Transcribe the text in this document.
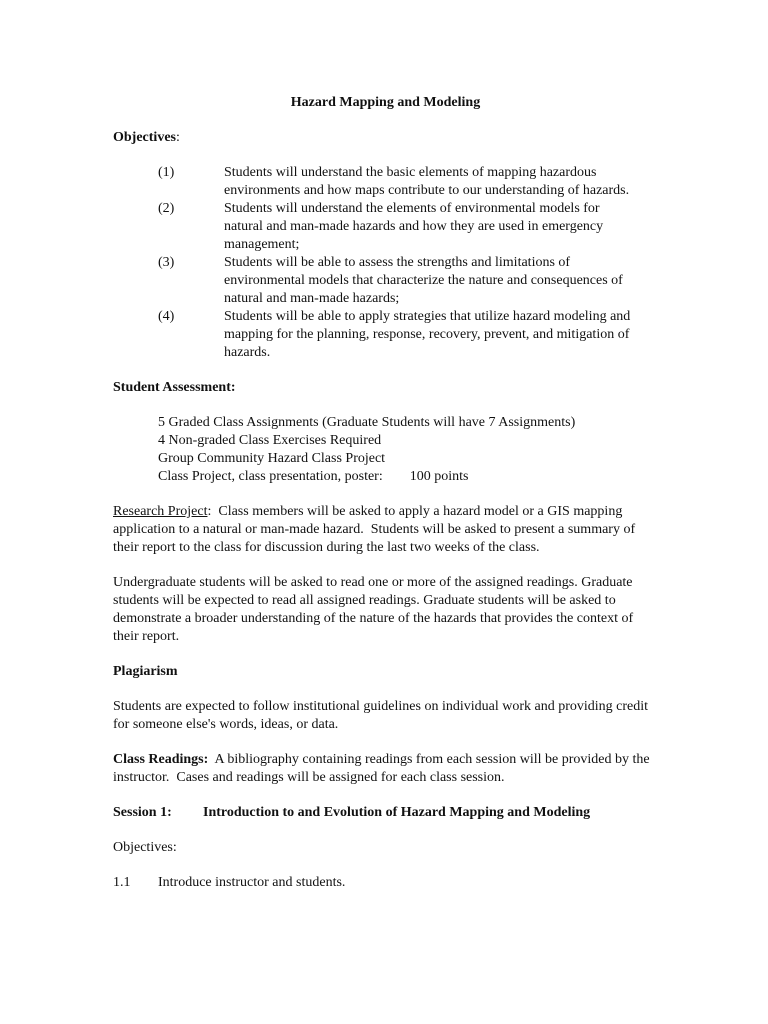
Hazard Mapping and Modeling

Objectives:

(1)	Students will understand the basic elements of mapping hazardous environments and how maps contribute to our understanding of hazards.
(2)	Students will understand the elements of environmental models for natural and man-made hazards and how they are used in emergency management;
(3)	Students will be able to assess the strengths and limitations of environmental models that characterize the nature and consequences of natural and man-made hazards;
(4)	Students will be able to apply strategies that utilize hazard modeling and mapping for the planning, response, recovery, prevent, and mitigation of hazards.

Student Assessment:

5 Graded Class Assignments (Graduate Students will have 7 Assignments)
4 Non-graded Class Exercises Required
Group Community Hazard Class Project
Class Project, class presentation, poster: 100 points

Research Project:  Class members will be asked to apply a hazard model or a GIS mapping application to a natural or man-made hazard.  Students will be asked to present a summary of their report to the class for discussion during the last two weeks of the class.

Undergraduate students will be asked to read one or more of the assigned readings. Graduate students will be expected to read all assigned readings. Graduate students will be asked to demonstrate a broader understanding of the nature of the hazards that provides the context of their report.

Plagiarism

Students are expected to follow institutional guidelines on individual work and providing credit for someone else's words, ideas, or data.

Class Readings:  A bibliography containing readings from each session will be provided by the instructor.  Cases and readings will be assigned for each class session.

Session 1:	Introduction to and Evolution of Hazard Mapping and Modeling

Objectives:

1.1	Introduce instructor and students.
